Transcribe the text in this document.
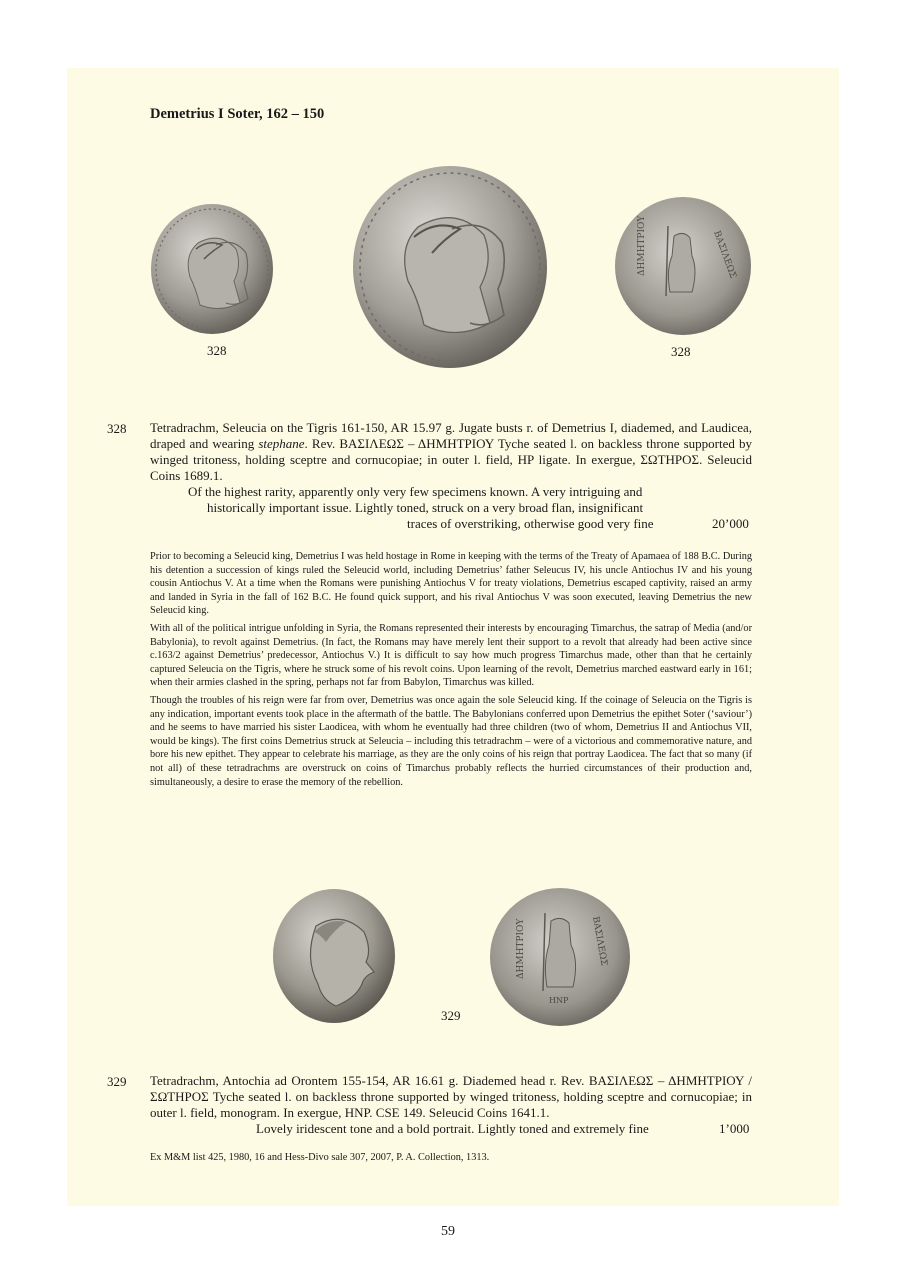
Demetrius I Soter, 162 – 150
ΔΗΜΗΤΡΙΟΥ	ΒΑΣΙΛΕΩΣ
328	328
328 Tetradrachm, Seleucia on the Tigris 161-150, AR 15.97 g. Jugate busts r. of Demetrius I, diademed, and Laudicea, draped and wearing stephane. Rev. ΒΑΣΙΛΕΩΣ – ΔΗΜΗΤΡΙΟΥ Tyche seated l. on backless throne supported by winged tritoness, holding sceptre and cornucopiae; in outer l. field, HP ligate. In exergue, ΣΩΤΗΡΟΣ. Seleucid Coins 1689.1.

Of the highest rarity, apparently only very few specimens known. A very intriguing and
historically important issue. Lightly toned, struck on a very broad flan, insignificant
traces of overstriking, otherwise good very fine	20’000

Prior to becoming a Seleucid king, Demetrius I was held hostage in Rome in keeping with the terms of the Treaty of Apamaea of 188 B.C. During his detention a succession of kings ruled the Seleucid world, including Demetrius’ father Seleucus IV, his uncle Antiochus IV and his young cousin Antiochus V. At a time when the Romans were punishing Antiochus V for treaty violations, Demetrius escaped captivity, raised an army and landed in Syria in the fall of 162 B.C. He found quick support, and his rival Antiochus V was soon executed, leaving Demetrius the new Seleucid king.

With all of the political intrigue unfolding in Syria, the Romans represented their interests by encouraging Timarchus, the satrap of Media (and/or Babylonia), to revolt against Demetrius. (In fact, the Romans may have merely lent their support to a revolt that already had been active since c.163/2 against Demetrius’ predecessor, Antiochus V.) It is difficult to say how much progress Timarchus made, other than that he certainly captured Seleucia on the Tigris, where he struck some of his revolt coins. Upon learning of the revolt, Demetrius marched eastward early in 161; when their armies clashed in the spring, perhaps not far from Babylon, Timarchus was killed.

Though the troubles of his reign were far from over, Demetrius was once again the sole Seleucid king. If the coinage of Seleucia on the Tigris is any indication, important events took place in the aftermath of the battle. The Babylonians conferred upon Demetrius the epithet Soter (‘saviour’) and he seems to have married his sister Laodicea, with whom he eventually had three children (two of whom, Demetrius II and Antiochus VII, would be kings). The first coins Demetrius struck at Seleucia – including this tetradrachm – were of a victorious and commemorative nature, and bore his new epithet. They appear to celebrate his marriage, as they are the only coins of his reign that portray Laodicea. The fact that so many (if not all) of these tetradrachms are overstruck on coins of Timarchus probably reflects the hurried circumstances of their production and, simultaneously, a desire to erase the memory of the rebellion.

ΔΗΜΗΤΡΙΟΥ	ΒΑΣΙΛΕΩΣ
HNP
329
329 Tetradrachm, Antochia ad Orontem 155-154, AR 16.61 g. Diademed head r. Rev. ΒΑΣΙΛΕΩΣ – ΔΗΜΗΤΡΙΟΥ / ΣΩΤΗΡΟΣ Tyche seated l. on backless throne supported by winged tritoness, holding sceptre and cornucopiae; in outer l. field, monogram. In exergue, HNP. CSE 149. Seleucid Coins 1641.1.
Lovely iridescent tone and a bold portrait. Lightly toned and extremely fine	1’000
Ex M&M list 425, 1980, 16 and Hess-Divo sale 307, 2007, P. A. Collection, 1313.
59
